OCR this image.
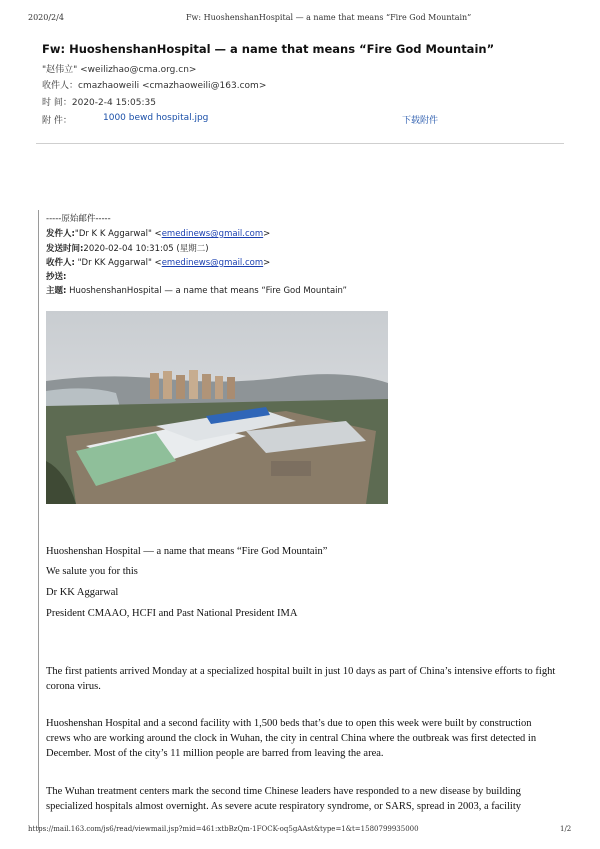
2020/2/4	Fw: HuoshenshanHospital — a name that means “Fire God Mountain”
Fw: HuoshenshanHospital — a name that means “Fire God Mountain”
"赵伟立" <weilizhao@cma.org.cn>
收件人：cmazhaoweili <cmazhaoweili@163.com>
时 间：2020-2-4 15:05:35
附 件：	1000 bewd hospital.jpg	下载附件
-----原始邮件-----
发件人:"Dr K K Aggarwal" <emedinews@gmail.com>
发送时间:2020-02-04 10:31:05 (星期二)
收件人: "Dr KK Aggarwal" <emedinews@gmail.com>
抄送:
主题: HuoshenshanHospital — a name that means “Fire God Mountain”
Huoshenshan Hospital — a name that means “Fire God Mountain”
We salute you for this
Dr KK Aggarwal
President CMAAO, HCFI and Past National President IMA
The first patients arrived Monday at a specialized hospital built in just 10 days as part of China’s intensive efforts to fight corona virus.
Huoshenshan Hospital and a second facility with 1,500 beds that’s due to open this week were built by construction crews who are working around the clock in Wuhan, the city in central China where the outbreak was first detected in December. Most of the city’s 11 million people are barred from leaving the area.
The Wuhan treatment centers mark the second time Chinese leaders have responded to a new disease by building specialized hospitals almost overnight. As severe acute respiratory syndrome, or SARS, spread in 2003, a facility
https://mail.163.com/js6/read/viewmail.jsp?mid=461:xtbBzQm-1FOCK-oq5gAAst&type=1&t=1580799935000	1/2
